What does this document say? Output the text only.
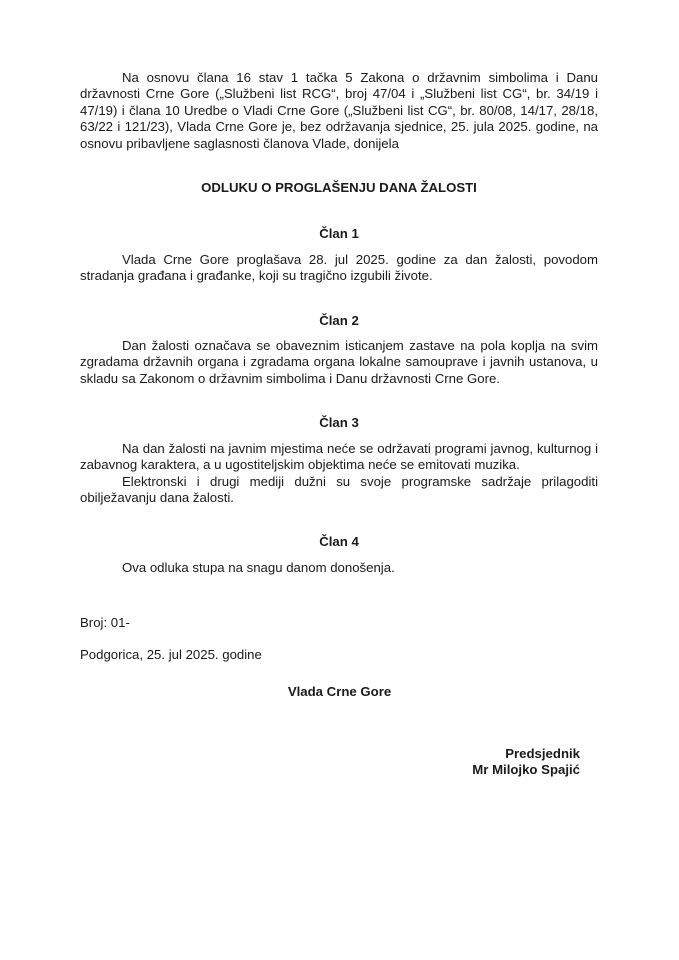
Na osnovu člana 16 stav 1 tačka 5 Zakona o državnim simbolima i Danu državnosti Crne Gore („Službeni list RCG“, broj 47/04 i „Službeni list CG“, br. 34/19 i 47/19) i člana 10 Uredbe o Vladi Crne Gore („Službeni list CG“, br. 80/08, 14/17, 28/18, 63/22 i 121/23), Vlada Crne Gore je, bez održavanja sjednice, 25. jula 2025. godine, na osnovu pribavljene saglasnosti članova Vlade, donijela

ODLUKU O PROGLAŠENJU DANA ŽALOSTI

Član 1

Vlada Crne Gore proglašava 28. jul 2025. godine za dan žalosti, povodom stradanja građana i građanke, koji su tragično izgubili živote.

Član 2

Dan žalosti označava se obaveznim isticanjem zastave na pola koplja na svim zgradama državnih organa i zgradama organa lokalne samouprave i javnih ustanova, u skladu sa Zakonom o državnim simbolima i Danu državnosti Crne Gore.

Član 3

Na dan žalosti na javnim mjestima neće se održavati programi javnog, kulturnog i zabavnog karaktera, a u ugostiteljskim objektima neće se emitovati muzika.

Elektronski i drugi mediji dužni su svoje programske sadržaje prilagoditi obilježavanju dana žalosti.

Član 4

Ova odluka stupa na snagu danom donošenja.

Broj: 01-

Podgorica, 25. jul 2025. godine

Vlada Crne Gore

Predsjednik

Mr Milojko Spajić
